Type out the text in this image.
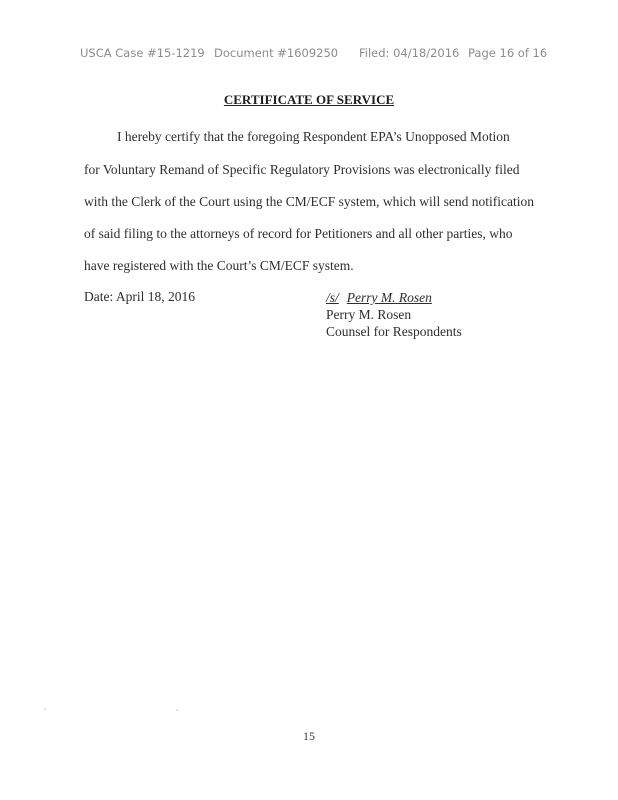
USCA Case #15-1219 Document #1609250 Filed: 04/18/2016 Page 16 of 16
CERTIFICATE OF SERVICE
I hereby certify that the foregoing Respondent EPA’s Unopposed Motion
for Voluntary Remand of Specific Regulatory Provisions was electronically filed
with the Clerk of the Court using the CM/ECF system, which will send notification
of said filing to the attorneys of record for Petitioners and all other parties, who
have registered with the Court’s CM/ECF system.
Date: April 18, 2016	/s/ Perry M. Rosen
Perry M. Rosen
Counsel for Respondents
15
